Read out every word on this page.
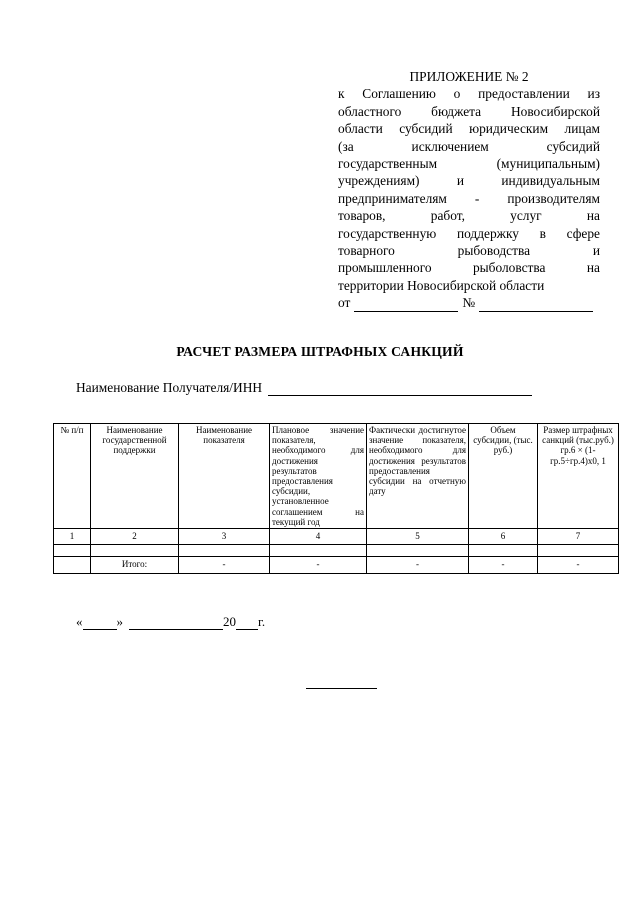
ПРИЛОЖЕНИЕ № 2
к Соглашению о предоставлении из
областного бюджета Новосибирской
области субсидий юридическим лицам
(за исключением субсидий
государственным (муниципальным)
учреждениям) и индивидуальным
предпринимателям - производителям
товаров, работ, услуг на
государственную поддержку в сфере
товарного рыбоводства и
промышленного рыболовства на
территории Новосибирской области
от	№
РАСЧЕТ РАЗМЕРА ШТРАФНЫХ САНКЦИЙ
Наименование Получателя/ИНН
№ п/п	Наименование государственной поддержки	Наименование показателя	Плановое значение показателя, необходимого для достижения результатов предоставления субсидии, установленное соглашением на текущий год	Фактически достигнутое значение показателя, необходимого для достижения результатов предоставления субсидии на отчетную дату	Объем субсидии, (тыс. руб.)	Размер штрафных санкций (тыс.руб.) гр.6 × (1- гр.5÷гр.4)x0, 1
1	2	3	4	5	6	7

	Итого:	-	-	-	-	-
«	»	20 г.
